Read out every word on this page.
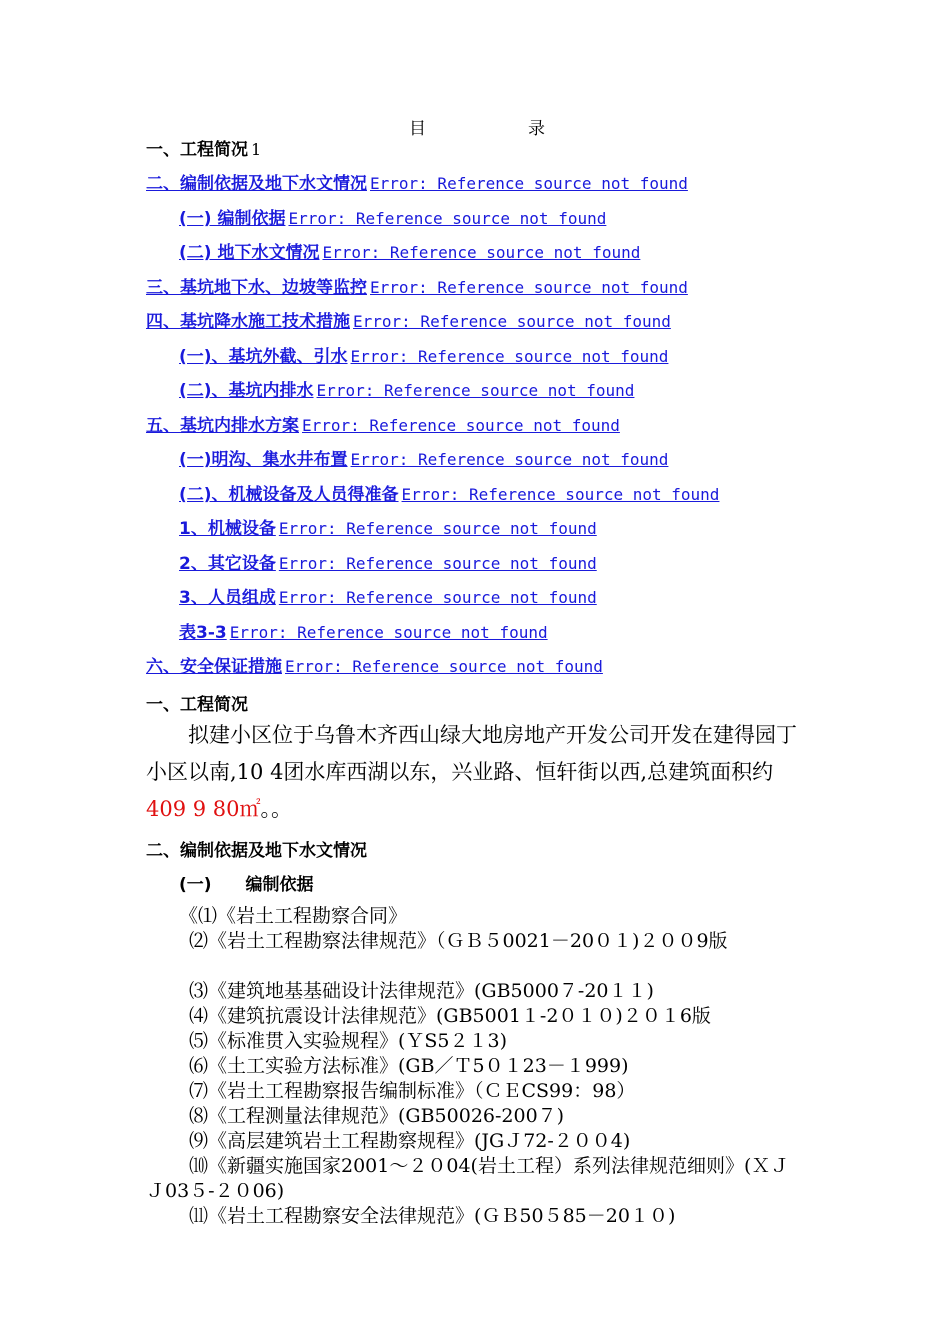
目	录
一、工程简况 1
二、编制依据及地下水文情况 Error: Reference source not found
(一) 编制依据 Error: Reference source not found
(二) 地下水文情况 Error: Reference source not found
三、基坑地下水、边坡等监控 Error: Reference source not found
四、基坑降水施工技术措施 Error: Reference source not found
(一)、基坑外截、引水 Error: Reference source not found
(二)、基坑内排水 Error: Reference source not found
五、基坑内排水方案 Error: Reference source not found
(一)明沟、集水井布置 Error: Reference source not found
(二)、机械设备及人员得准备 Error: Reference source not found
1、机械设备 Error: Reference source not found
2、其它设备 Error: Reference source not found
3、人员组成 Error: Reference source not found
表3-3 Error: Reference source not found
六、安全保证措施 Error: Reference source not found
一、工程简况
拟建小区位于乌鲁木齐西山绿大地房地产开发公司开发在建得园丁小区以南,10 4团水库西湖以东，兴业路、恒轩街以西,总建筑面积约409 9 80㎡。。
二、编制依据及地下水文情况
(一)　　编制依据
《⑴《岩土工程勘察合同》
⑵《岩土工程勘察法律规范》（ＧＢ５0021－20０１)２００9版
⑶《建筑地基基础设计法律规范》(GB5000７-20１１)
⑷《建筑抗震设计法律规范》(GB5001１-2０１０)２０１6版
⑸《标准贯入实验规程》(ＹS5２１3)
⑹《土工实验方法标准》(GB／Ｔ5０１23－１999)
⑺《岩土工程勘察报告编制标准》（ＣＥCS99：98）
⑻《工程测量法律规范》(GB50026-200７)
⑼《高层建筑岩土工程勘察规程》(JGＪ72-２００4)
⑽《新疆实施国家2001～２０04(岩土工程）系列法律规范细则》(ＸＪＪ03５-２０06)
⑾《岩土工程勘察安全法律规范》(ＧＢ50５85－20１０)
